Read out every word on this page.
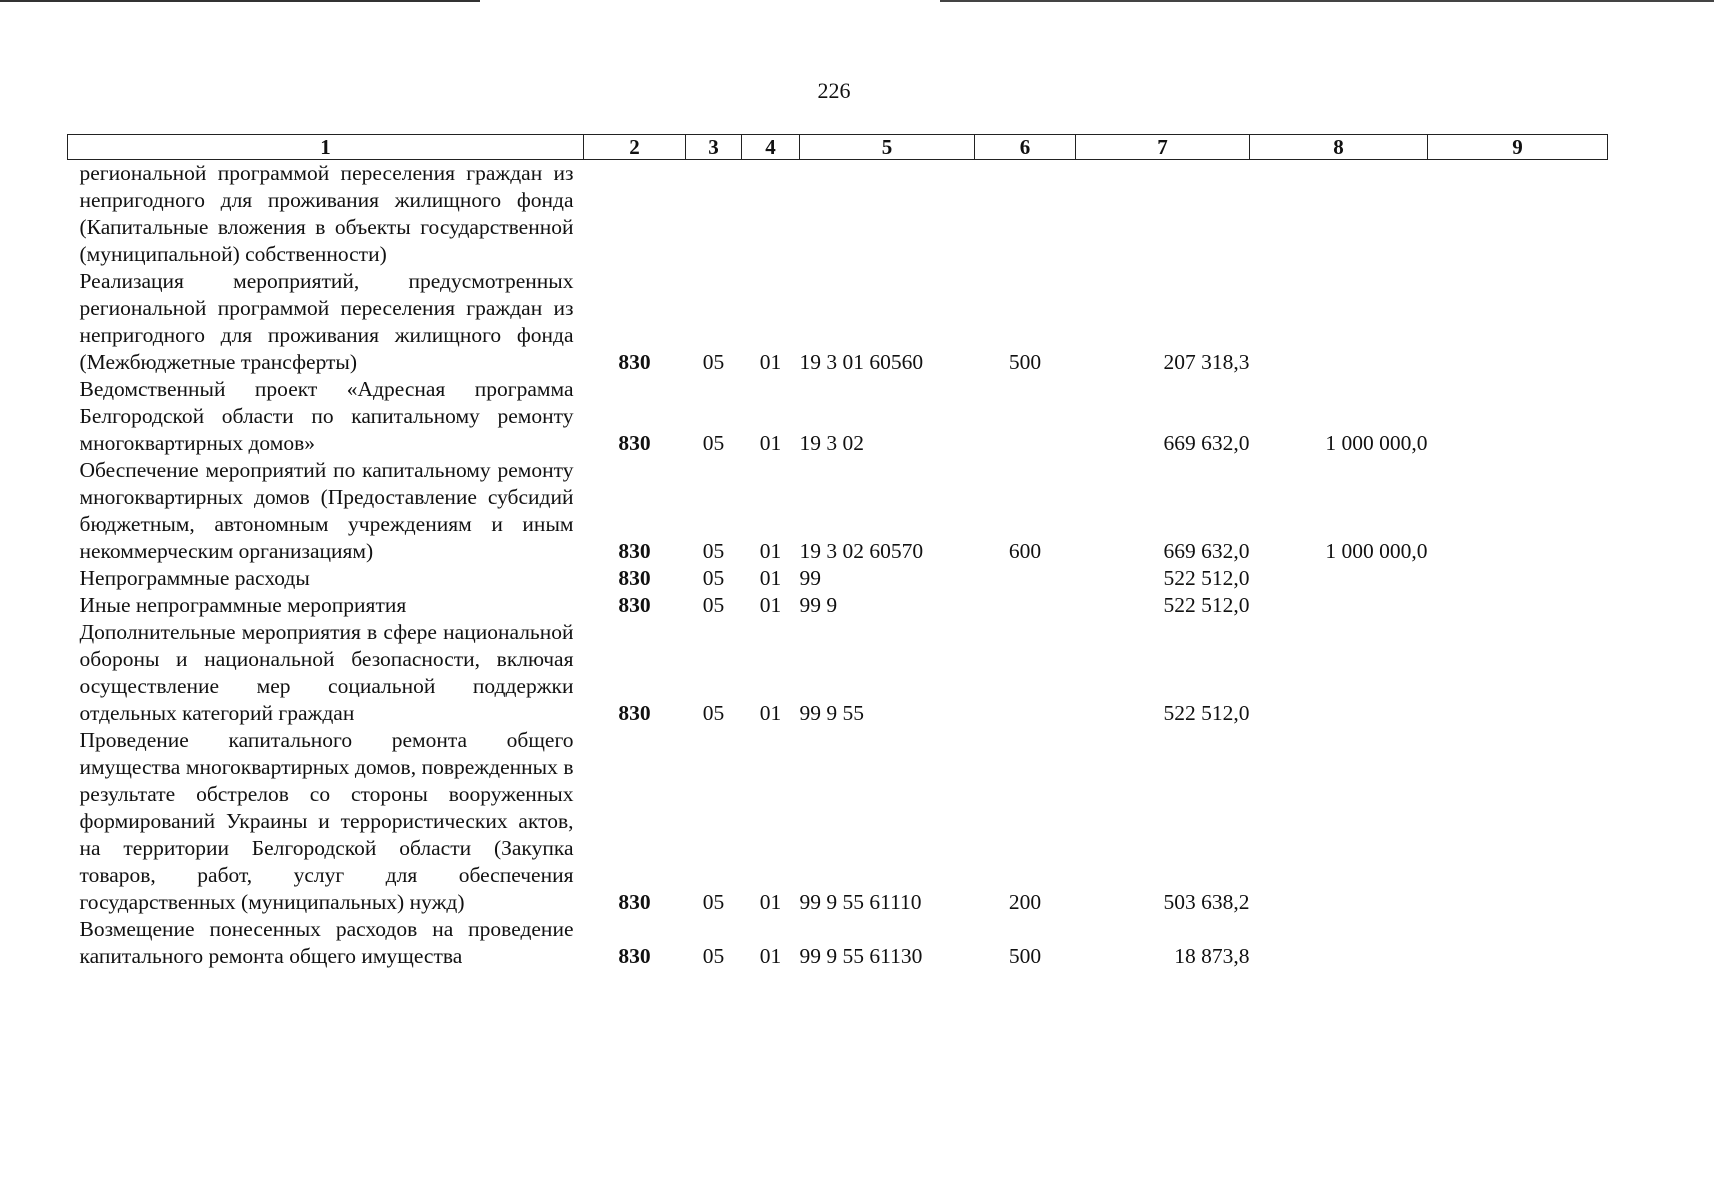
226
1	2	3	4	5	6	7	8	9

региональной программой переселения граждан из непригодного для проживания жилищного фонда (Капитальные вложения в объекты государственной (муниципальной) собственности)								

Реализация мероприятий, предусмотренных региональной программой переселения граждан из непригодного для проживания жилищного фонда (Межбюджетные трансферты)	830	05	01	19 3 01 60560	500	207 318,3		

Ведомственный проект «Адресная программа Белгородской области по капитальному ремонту многоквартирных домов»	830	05	01	19 3 02		669 632,0	1 000 000,0	

Обеспечение мероприятий по капитальному ремонту многоквартирных домов (Предоставление субсидий бюджетным, автономным учреждениям и иным некоммерческим организациям)	830	05	01	19 3 02 60570	600	669 632,0	1 000 000,0	

Непрограммные расходы	830	05	01	99		522 512,0		

Иные непрограммные мероприятия	830	05	01	99 9		522 512,0		

Дополнительные мероприятия в сфере национальной обороны и национальной безопасности, включая осуществление мер социальной поддержки отдельных категорий граждан	830	05	01	99 9 55		522 512,0		

Проведение капитального ремонта общего имущества многоквартирных домов, поврежденных в результате обстрелов со стороны вооруженных формирований Украины и террористических актов, на территории Белгородской области (Закупка товаров, работ, услуг для обеспечения государственных (муниципальных) нужд)	830	05	01	99 9 55 61110	200	503 638,2		

Возмещение понесенных расходов на проведение капитального ремонта общего имущества	830	05	01	99 9 55 61130	500	18 873,8		
